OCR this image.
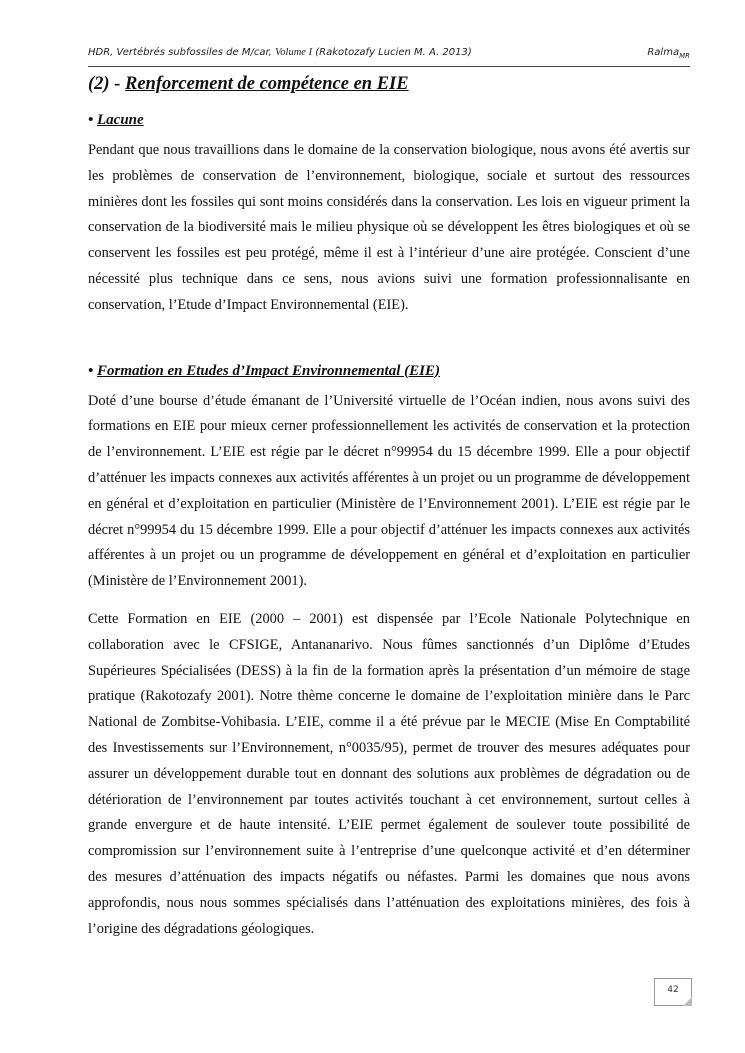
HDR, Vertébrés subfossiles de M/car, Volume I (Rakotozafy Lucien M. A. 2013)	Ralma$_{MR}$
(2) - Renforcement de compétence en EIE
• Lacune

Pendant que nous travaillions dans le domaine de la conservation biologique, nous avons été avertis sur les problèmes de conservation de l’environnement, biologique, sociale et surtout des ressources minières dont les fossiles qui sont moins considérés dans la conservation. Les lois en vigueur priment la conservation de la biodiversité mais le milieu physique où se développent les êtres biologiques et où se conservent les fossiles est peu protégé, même il est à l’intérieur d’une aire protégée. Conscient d’une nécessité plus technique dans ce sens, nous avions suivi une formation professionnalisante en conservation, l’Etude d’Impact Environnemental (EIE).

• Formation en Etudes d’Impact Environnemental (EIE)

Doté d’une bourse d’étude émanant de l’Université virtuelle de l’Océan indien, nous avons suivi des formations en EIE pour mieux cerner professionnellement les activités de conservation et la protection de l’environnement. L’EIE est régie par le décret n°99954 du 15 décembre 1999. Elle a pour objectif d’atténuer les impacts connexes aux activités afférentes à un projet ou un programme de développement en général et d’exploitation en particulier (Ministère de l’Environnement 2001). L’EIE est régie par le décret n°99954 du 15 décembre 1999. Elle a pour objectif d’atténuer les impacts connexes aux activités afférentes à un projet ou un programme de développement en général et d’exploitation en particulier (Ministère de l’Environnement 2001).

Cette Formation en EIE (2000 – 2001) est dispensée par l’Ecole Nationale Polytechnique en collaboration avec le CFSIGE, Antananarivo. Nous fûmes sanctionnés d’un Diplôme d’Etudes Supérieures Spécialisées (DESS) à la fin de la formation après la présentation d’un mémoire de stage pratique (Rakotozafy 2001). Notre thème concerne le domaine de l’exploitation minière dans le Parc National de Zombitse-Vohibasia. L’EIE, comme il a été prévue par le MECIE (Mise En Comptabilité des Investissements sur l’Environnement, n°0035/95), permet de trouver des mesures adéquates pour assurer un développement durable tout en donnant des solutions aux problèmes de dégradation ou de détérioration de l’environnement par toutes activités touchant à cet environnement, surtout celles à grande envergure et de haute intensité. L’EIE permet également de soulever toute possibilité de compromission sur l’environnement suite à l’entreprise d’une quelconque activité et d’en déterminer des mesures d’atténuation des impacts négatifs ou néfastes. Parmi les domaines que nous avons approfondis, nous nous sommes spécialisés dans l’atténuation des exploitations minières, des fois à l’origine des dégradations géologiques.

42
